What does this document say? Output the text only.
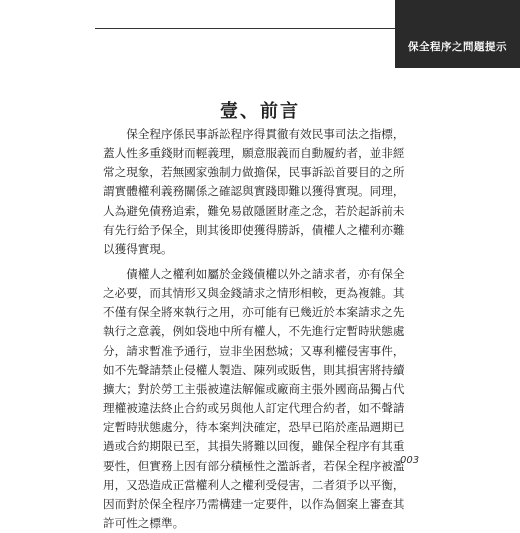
保全程序之問題提示
壹、前言
　　保全程序係民事訴訟程序得貫徹有效民事司法之指標，
蓋人性多重錢財而輕義理，願意服義而自動履約者，並非經
常之現象，若無國家強制力做擔保，民事訴訟首要目的之所
謂實體權利義務關係之確認與實踐即難以獲得實現。同理，
人為避免債務追索，難免易啟隱匿財產之念，若於起訴前未
有先行給予保全，則其後即使獲得勝訴，債權人之權利亦難
以獲得實現。
　　債權人之權利如屬於金錢債權以外之請求者，亦有保全
之必要，而其情形又與金錢請求之情形相較，更為複雜。其
不僅有保全將來執行之用，亦可能有已幾近於本案請求之先
執行之意義，例如袋地中所有權人，不先進行定暫時狀態處
分，請求暫准予通行，豈非坐困愁城；又專利權侵害事件，
如不先聲請禁止侵權人製造、陳列或販售，則其損害將持續
擴大；對於勞工主張被違法解僱或廠商主張外國商品獨占代
理權被違法終止合約或另與他人訂定代理合約者，如不聲請
定暫時狀態處分，待本案判決確定，恐早已陷於產品週期已
過或合約期限已至，其損失將難以回復，雖保全程序有其重
要性，但實務上因有部分積極性之濫訴者，若保全程序被濫
用，又恐造成正當權利人之權利受侵害，二者須予以平衡，
因而對於保全程序乃需構建一定要件，以作為個案上審查其
許可性之標準。
003
